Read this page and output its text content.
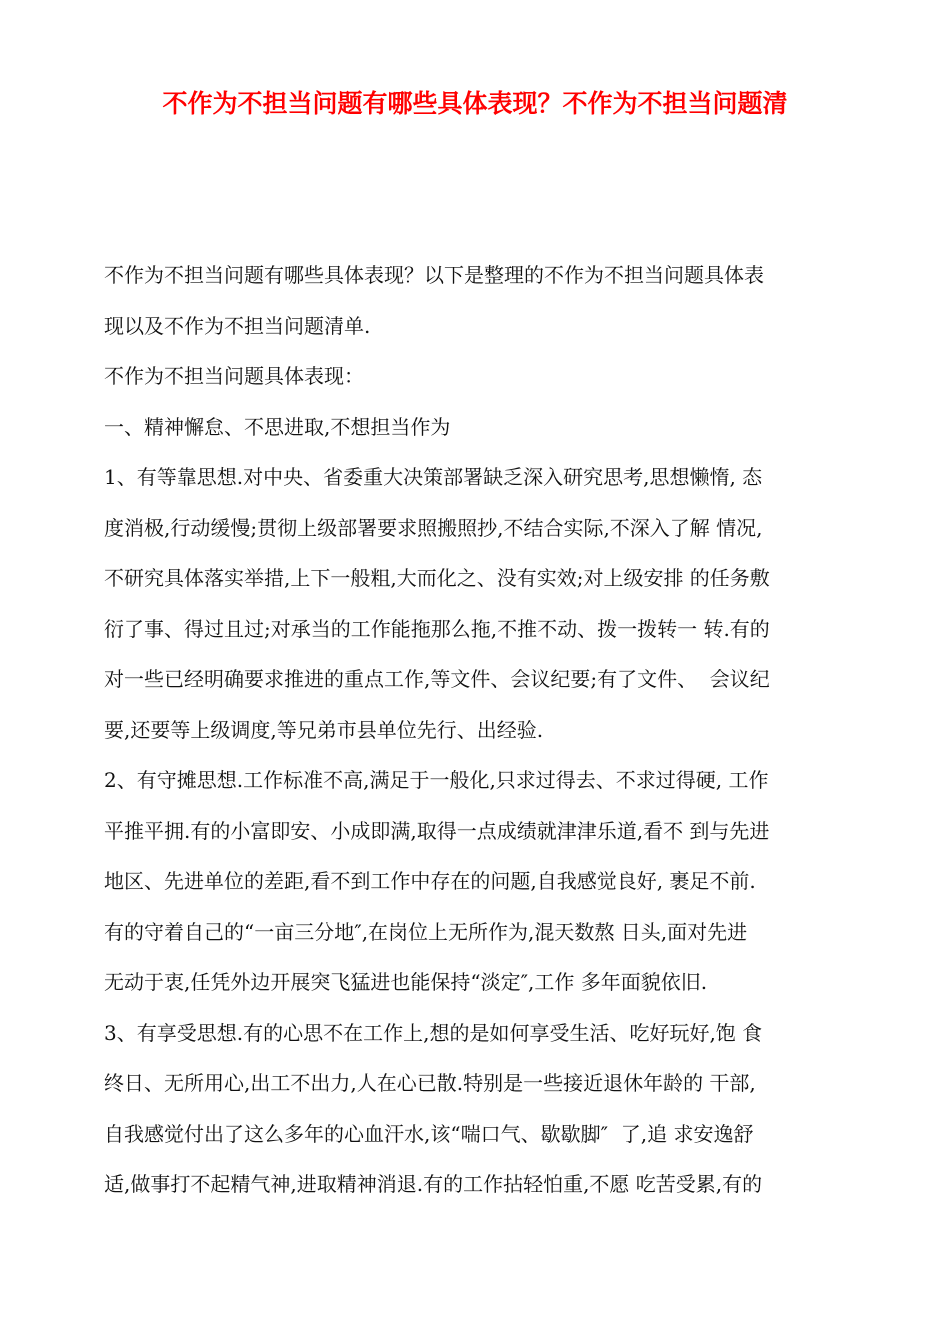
不作为不担当问题有哪些具体表现？不作为不担当问题清
不作为不担当问题有哪些具体表现？以下是整理的不作为不担当问题具体表
现以及不作为不担当问题清单.
不作为不担当问题具体表现：
一、精神懈怠、不思进取,不想担当作为
1、有等靠思想.对中央、省委重大决策部署缺乏深入研究思考,思想懒惰, 态
度消极,行动缓慢;贯彻上级部署要求照搬照抄,不结合实际,不深入了解 情况,
不研究具体落实举措,上下一般粗,大而化之、没有实效;对上级安排 的任务敷
衍了事、得过且过;对承当的工作能拖那么拖,不推不动、拨一拨转一 转.有的
对一些已经明确要求推进的重点工作,等文件、会议纪要;有了文件、  会议纪
要,还要等上级调度,等兄弟市县单位先行、出经验.
2、有守摊思想.工作标准不高,满足于一般化,只求过得去、不求过得硬, 工作
平推平拥.有的小富即安、小成即满,取得一点成绩就津津乐道,看不 到与先进
地区、先进单位的差距,看不到工作中存在的问题,自我感觉良好, 裹足不前.
有的守着自己的“一亩三分地″,在岗位上无所作为,混天数熬 日头,面对先进
无动于衷,任凭外边开展突飞猛进也能保持“淡定″,工作 多年面貌依旧.
3、有享受思想.有的心思不在工作上,想的是如何享受生活、吃好玩好,饱 食
终日、无所用心,出工不出力,人在心已散.特别是一些接近退休年龄的 干部,
自我感觉付出了这么多年的心血汗水,该“喘口气、歇歇脚″  了,追 求安逸舒
适,做事打不起精气神,进取精神消退.有的工作拈轻怕重,不愿 吃苦受累,有的
